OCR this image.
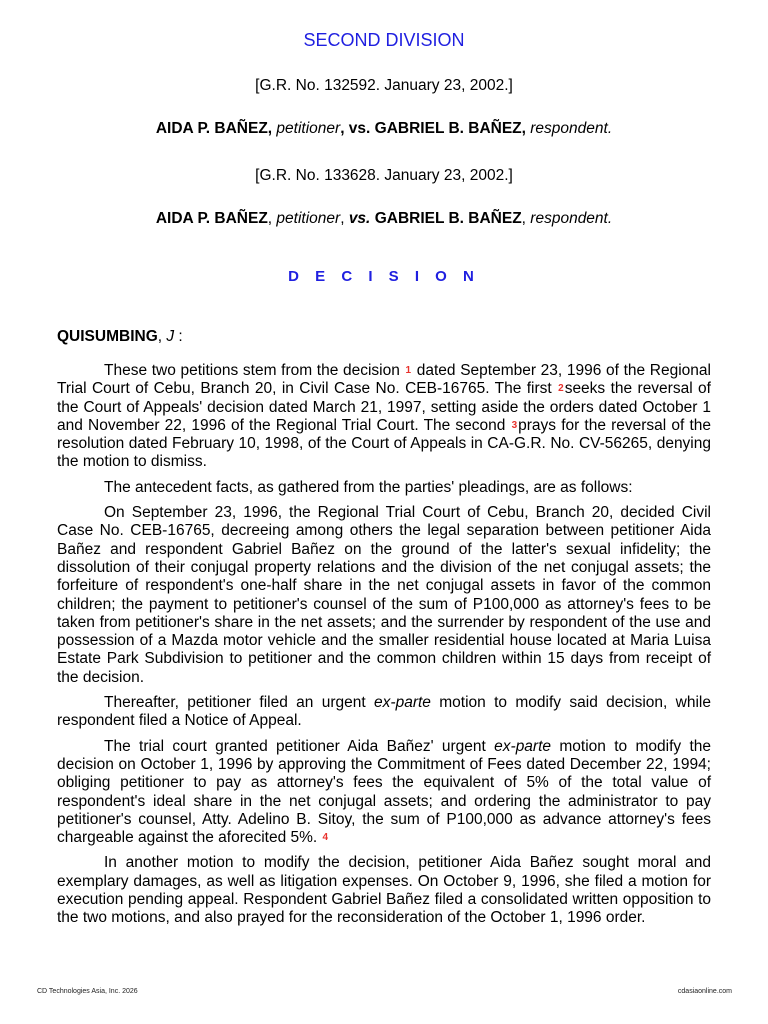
SECOND DIVISION
[G.R. No. 132592. January 23, 2002.]
AIDA P. BAÑEZ, petitioner, vs. GABRIEL B. BAÑEZ, respondent.
[G.R. No. 133628. January 23, 2002.]
AIDA P. BAÑEZ, petitioner, vs. GABRIEL B. BAÑEZ, respondent.
D E C I S I O N
QUISUMBING, J :

These two petitions stem from the decision 1 dated September 23, 1996 of the Regional Trial Court of Cebu, Branch 20, in Civil Case No. CEB-16765. The first 2seeks the reversal of the Court of Appeals' decision dated March 21, 1997, setting aside the orders dated October 1 and November 22, 1996 of the Regional Trial Court. The second 3prays for the reversal of the resolution dated February 10, 1998, of the Court of Appeals in CA-G.R. No. CV-56265, denying the motion to dismiss.

The antecedent facts, as gathered from the parties' pleadings, are as follows:

On September 23, 1996, the Regional Trial Court of Cebu, Branch 20, decided Civil Case No. CEB-16765, decreeing among others the legal separation between petitioner Aida Bañez and respondent Gabriel Bañez on the ground of the latter's sexual infidelity; the dissolution of their conjugal property relations and the division of the net conjugal assets; the forfeiture of respondent's one-half share in the net conjugal assets in favor of the common children; the payment to petitioner's counsel of the sum of P100,000 as attorney's fees to be taken from petitioner's share in the net assets; and the surrender by respondent of the use and possession of a Mazda motor vehicle and the smaller residential house located at Maria Luisa Estate Park Subdivision to petitioner and the common children within 15 days from receipt of the decision.

Thereafter, petitioner filed an urgent ex-parte motion to modify said decision, while respondent filed a Notice of Appeal.

The trial court granted petitioner Aida Bañez' urgent ex-parte motion to modify the decision on October 1, 1996 by approving the Commitment of Fees dated December 22, 1994; obliging petitioner to pay as attorney's fees the equivalent of 5% of the total value of respondent's ideal share in the net conjugal assets; and ordering the administrator to pay petitioner's counsel, Atty. Adelino B. Sitoy, the sum of P100,000 as advance attorney's fees chargeable against the aforecited 5%. 4

In another motion to modify the decision, petitioner Aida Bañez sought moral and exemplary damages, as well as litigation expenses. On October 9, 1996, she filed a motion for execution pending appeal. Respondent Gabriel Bañez filed a consolidated written opposition to the two motions, and also prayed for the reconsideration of the October 1, 1996 order.

CD Technologies Asia, Inc. 2026	cdasiaonline.com
